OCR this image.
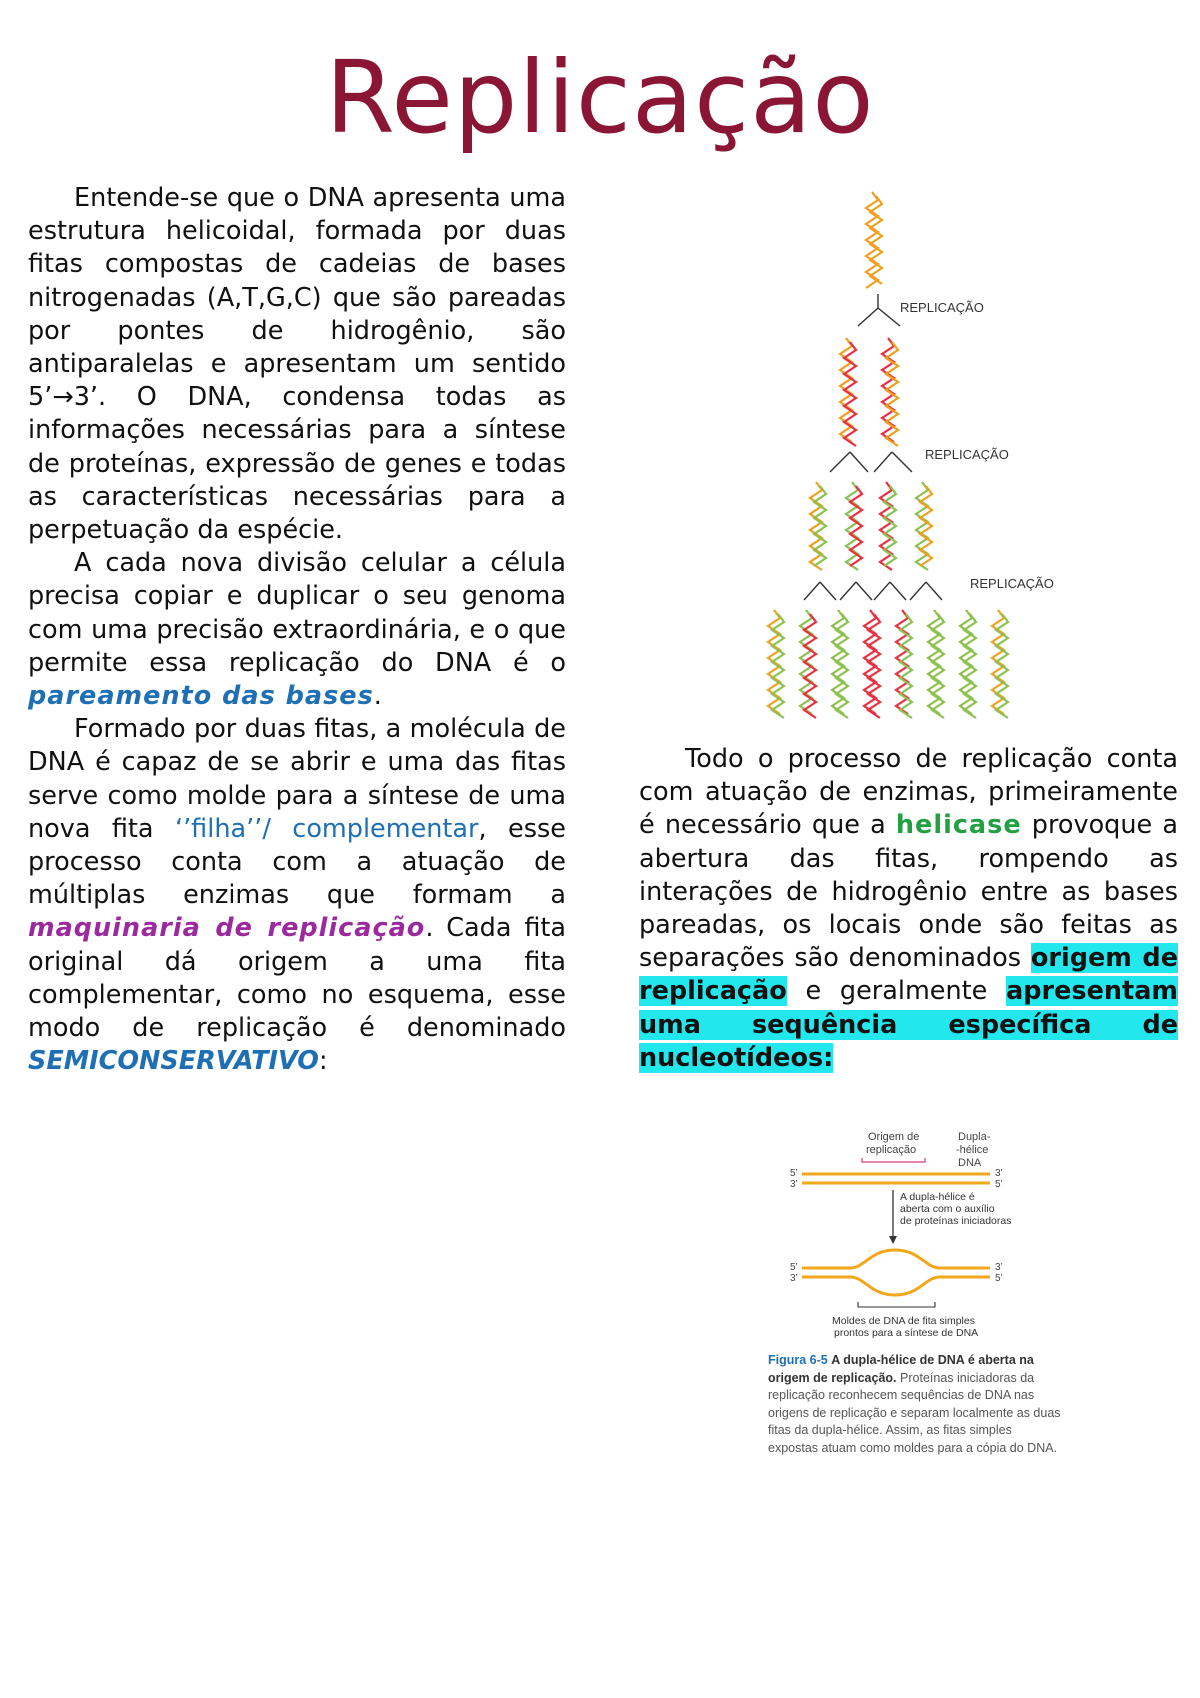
Replicação

Entende-se que o DNA apresenta uma estrutura helicoidal, formada por duas fitas compostas de cadeias de bases nitrogenadas (A,T,G,C) que são pareadas por pontes de hidrogênio, são antiparalelas e apresentam um sentido 5’→3’. O DNA, condensa todas as informações necessárias para a síntese de proteínas, expressão de genes e todas as características necessárias para a perpetuação da espécie.

A cada nova divisão celular a célula precisa copiar e duplicar o seu genoma com uma precisão extraordinária, e o que permite essa replicação do DNA é o pareamento das bases.

Formado por duas fitas, a molécula de DNA é capaz de se abrir e uma das fitas serve como molde para a síntese de uma nova fita ‘’filha’’/ complementar, esse processo conta com a atuação de múltiplas enzimas que formam a maquinaria de replicação. Cada fita original dá origem a uma fita complementar, como no esquema, esse modo de replicação é denominado SEMICONSERVATIVO:

REPLICAÇÃO
REPLICAÇÃO
REPLICAÇÃO

Todo o processo de replicação conta com atuação de enzimas, primeiramente é necessário que a helicase provoque a abertura das fitas, rompendo as interações de hidrogênio entre as bases pareadas, os locais onde são feitas as separações são denominados origem de replicação e geralmente apresentam uma sequência específica de nucleotídeos:

Origem de
replicação
Dupla-
-hélice
DNA
5’
3’
3’
5’
A dupla-hélice é
aberta com o auxílio
de proteínas iniciadoras
5’
3’
3’
5’
Moldes de DNA de fita simples
prontos para a síntese de DNA
Figura 6-5 A dupla-hélice de DNA é aberta na origem de replicação. Proteínas iniciadoras da replicação reconhecem sequências de DNA nas origens de replicação e separam localmente as duas fitas da dupla-hélice. Assim, as fitas simples expostas atuam como moldes para a cópia do DNA.
